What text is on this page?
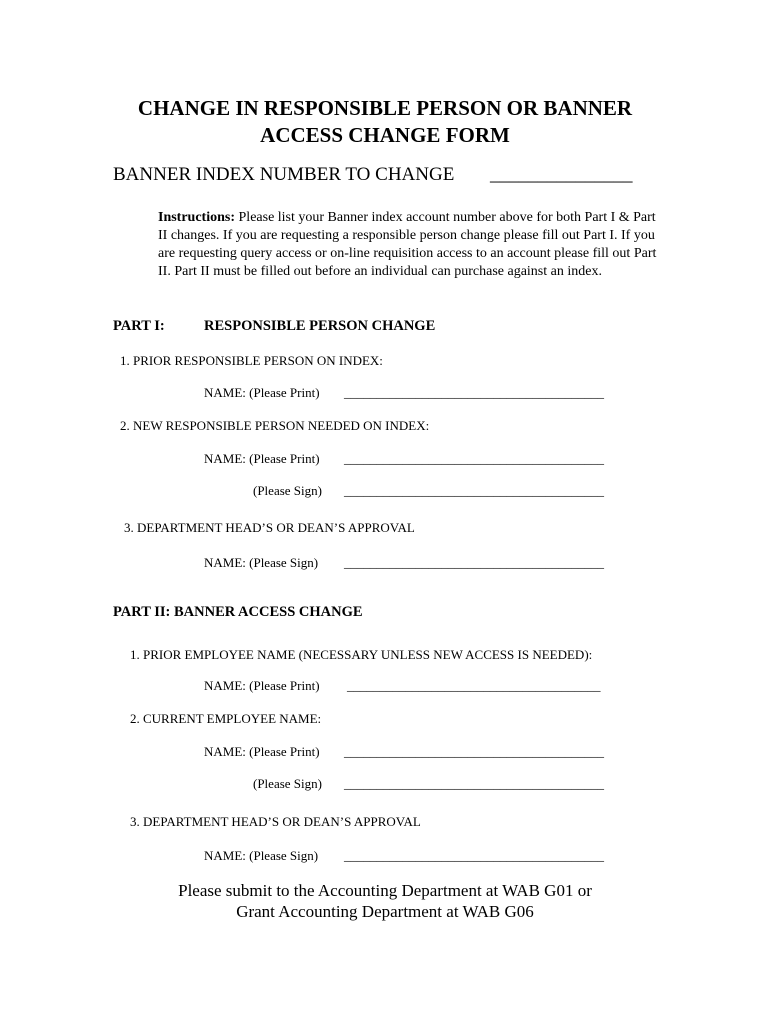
CHANGE IN RESPONSIBLE PERSON OR BANNER
ACCESS CHANGE FORM
BANNER INDEX NUMBER TO CHANGE _______________
Instructions: Please list your Banner index account number above for both Part I & Part II changes. If you are requesting a responsible person change please fill out Part I. If you are requesting query access or on-line requisition access to an account please fill out Part II. Part II must be filled out before an individual can purchase against an index.
PART I:	RESPONSIBLE PERSON CHANGE
1. PRIOR RESPONSIBLE PERSON ON INDEX:
NAME: (Please Print) ________________________________________
2. NEW RESPONSIBLE PERSON NEEDED ON INDEX:
NAME: (Please Print) ________________________________________
(Please Sign) ________________________________________
3. DEPARTMENT HEAD’S OR DEAN’S APPROVAL
NAME: (Please Sign) ________________________________________
PART II: BANNER ACCESS CHANGE
1. PRIOR EMPLOYEE NAME (NECESSARY UNLESS NEW ACCESS IS NEEDED):
NAME: (Please Print) _______________________________________
2. CURRENT EMPLOYEE NAME:
NAME: (Please Print) ________________________________________
(Please Sign) ________________________________________
3. DEPARTMENT HEAD’S OR DEAN’S APPROVAL
NAME: (Please Sign) ________________________________________
Please submit to the Accounting Department at WAB G01 or
Grant Accounting Department at WAB G06
